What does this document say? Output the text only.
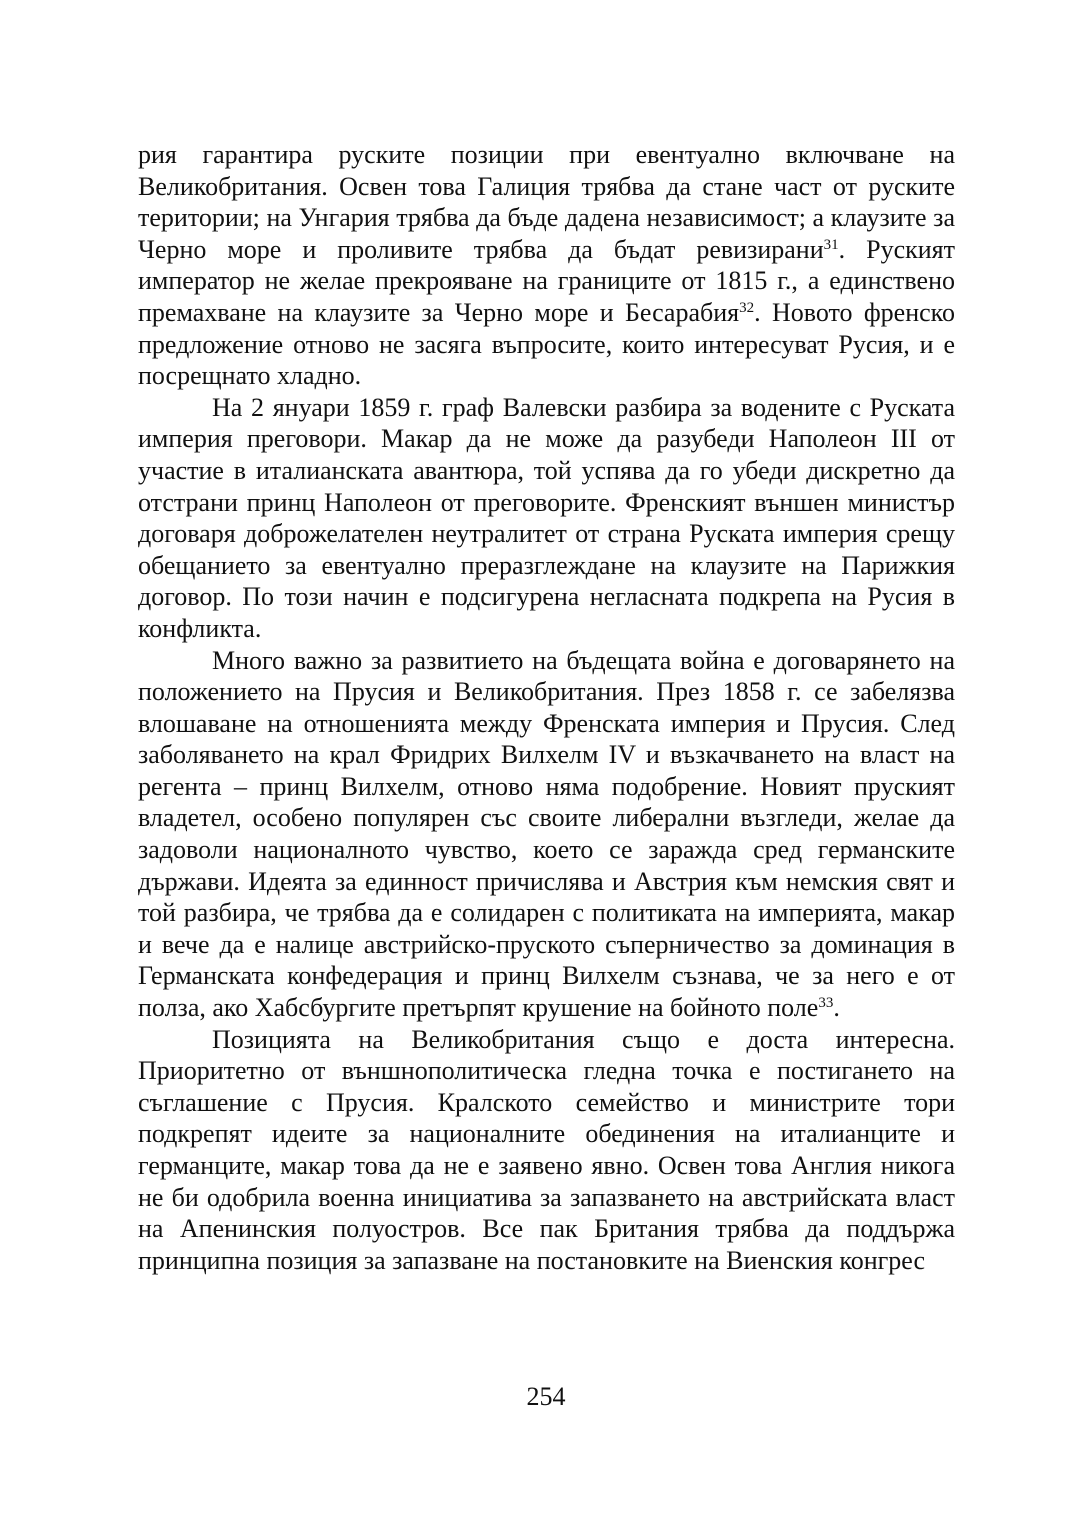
рия гарантира руските позиции при евентуално включване на Великобритания. Освен това Галиция трябва да стане част от руските територии; на Унгария трябва да бъде дадена независимост; а клаузите за Черно море и проливите трябва да бъдат ревизирани$^{31}$. Руският император не желае прекрояване на границите от 1815 г., а единствено премахване на клаузите за Черно море и Бесарабия$^{32}$. Новото френско предложение отново не засяга въпросите, които интересуват Русия, и е посрещнато хладно.

На 2 януари 1859 г. граф Валевски разбира за водените с Руската империя преговори. Макар да не може да разубеди Наполеон III от участие в италианската авантюра, той успява да го убеди дискретно да отстрани принц Наполеон от преговорите. Френският външен министър договаря доброжелателен неутралитет от страна Руската империя срещу обещанието за евентуално преразглеждане на клаузите на Парижкия договор. По този начин е подсигурена негласната подкрепа на Русия в конфликта.

Много важно за развитието на бъдещата война е договарянето на положението на Прусия и Великобритания. През 1858 г. се забелязва влошаване на отношенията между Френската империя и Прусия. След заболяването на крал Фридрих Вилхелм IV и възкачването на власт на регента – принц Вилхелм, отново няма подобрение. Новият пруският владетел, особено популярен със своите либерални възгледи, желае да задоволи националното чувство, което се заражда сред германските държави. Идеята за единност причислява и Австрия към немския свят и той разбира, че трябва да е солидарен с политиката на империята, макар и вече да е налице австрийско-пруското съперничество за доминация в Германската конфедерация и принц Вилхелм съзнава, че за него е от полза, ако Хабсбургите претърпят крушение на бойното поле$^{33}$.

Позицията на Великобритания също е доста интересна. Приоритетно от външнополитическа гледна точка е постигането на съглашение с Прусия. Кралското семейство и министрите тори подкрепят идеите за националните обединения на италианците и германците, макар това да не е заявено явно. Освен това Англия никога не би одобрила военна инициатива за запазването на австрийската власт на Апенинския полуостров. Все пак Британия трябва да поддържа принципна позиция за запазване на постановките на Виенския конгрес

254
